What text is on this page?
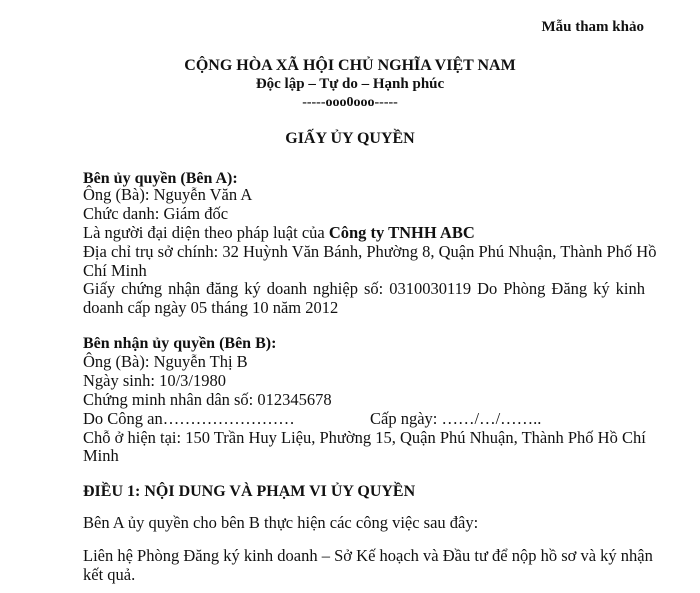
Mẫu tham khảo
CỘNG HÒA XÃ HỘI CHỦ NGHĨA VIỆT NAM
Độc lập – Tự do – Hạnh phúc
-----ooo0ooo-----
GIẤY ỦY QUYỀN
Bên ủy quyền (Bên A):
Ông (Bà): Nguyễn Văn A
Chức danh: Giám đốc
Là người đại diện theo pháp luật của Công ty TNHH ABC
Địa chỉ trụ sở chính: 32 Huỳnh Văn Bánh, Phường 8, Quận Phú Nhuận, Thành Phố Hồ
Chí Minh
Giấy chứng nhận đăng ký doanh nghiệp số: 0310030119 Do Phòng Đăng ký kinh
doanh cấp ngày 05 tháng 10 năm 2012
Bên nhận ủy quyền (Bên B):
Ông (Bà): Nguyễn Thị B
Ngày sinh: 10/3/1980
Chứng minh nhân dân số: 012345678
Do Công an……………………	Cấp ngày: ……/…/……..
Chỗ ở hiện tại: 150 Trần Huy Liệu, Phường 15, Quận Phú Nhuận, Thành Phố Hồ Chí
Minh
ĐIỀU 1: NỘI DUNG VÀ PHẠM VI ỦY QUYỀN
Bên A ủy quyền cho bên B thực hiện các công việc sau đây:
Liên hệ Phòng Đăng ký kinh doanh – Sở Kế hoạch và Đầu tư để nộp hồ sơ và ký nhận
kết quả.
